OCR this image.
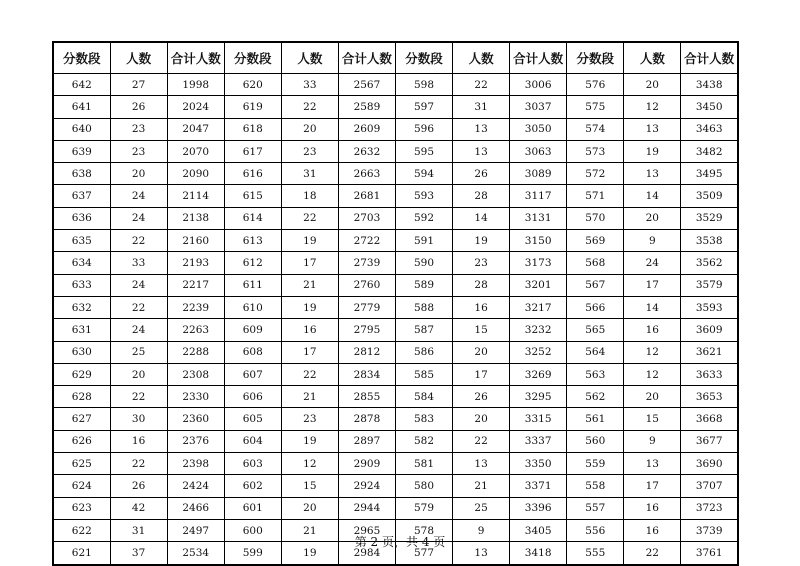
分数段	人数	合计人数	分数段	人数	合计人数	分数段	人数	合计人数	分数段	人数	合计人数
642	27	1998	620	33	2567	598	22	3006	576	20	3438
641	26	2024	619	22	2589	597	31	3037	575	12	3450
640	23	2047	618	20	2609	596	13	3050	574	13	3463
639	23	2070	617	23	2632	595	13	3063	573	19	3482
638	20	2090	616	31	2663	594	26	3089	572	13	3495
637	24	2114	615	18	2681	593	28	3117	571	14	3509
636	24	2138	614	22	2703	592	14	3131	570	20	3529
635	22	2160	613	19	2722	591	19	3150	569	9	3538
634	33	2193	612	17	2739	590	23	3173	568	24	3562
633	24	2217	611	21	2760	589	28	3201	567	17	3579
632	22	2239	610	19	2779	588	16	3217	566	14	3593
631	24	2263	609	16	2795	587	15	3232	565	16	3609
630	25	2288	608	17	2812	586	20	3252	564	12	3621
629	20	2308	607	22	2834	585	17	3269	563	12	3633
628	22	2330	606	21	2855	584	26	3295	562	20	3653
627	30	2360	605	23	2878	583	20	3315	561	15	3668
626	16	2376	604	19	2897	582	22	3337	560	9	3677
625	22	2398	603	12	2909	581	13	3350	559	13	3690
624	26	2424	602	15	2924	580	21	3371	558	17	3707
623	42	2466	601	20	2944	579	25	3396	557	16	3723
622	31	2497	600	21	2965	578	9	3405	556	16	3739
621	37	2534	599	19	2984	577	13	3418	555	22	3761
第 2 页，共 4 页
